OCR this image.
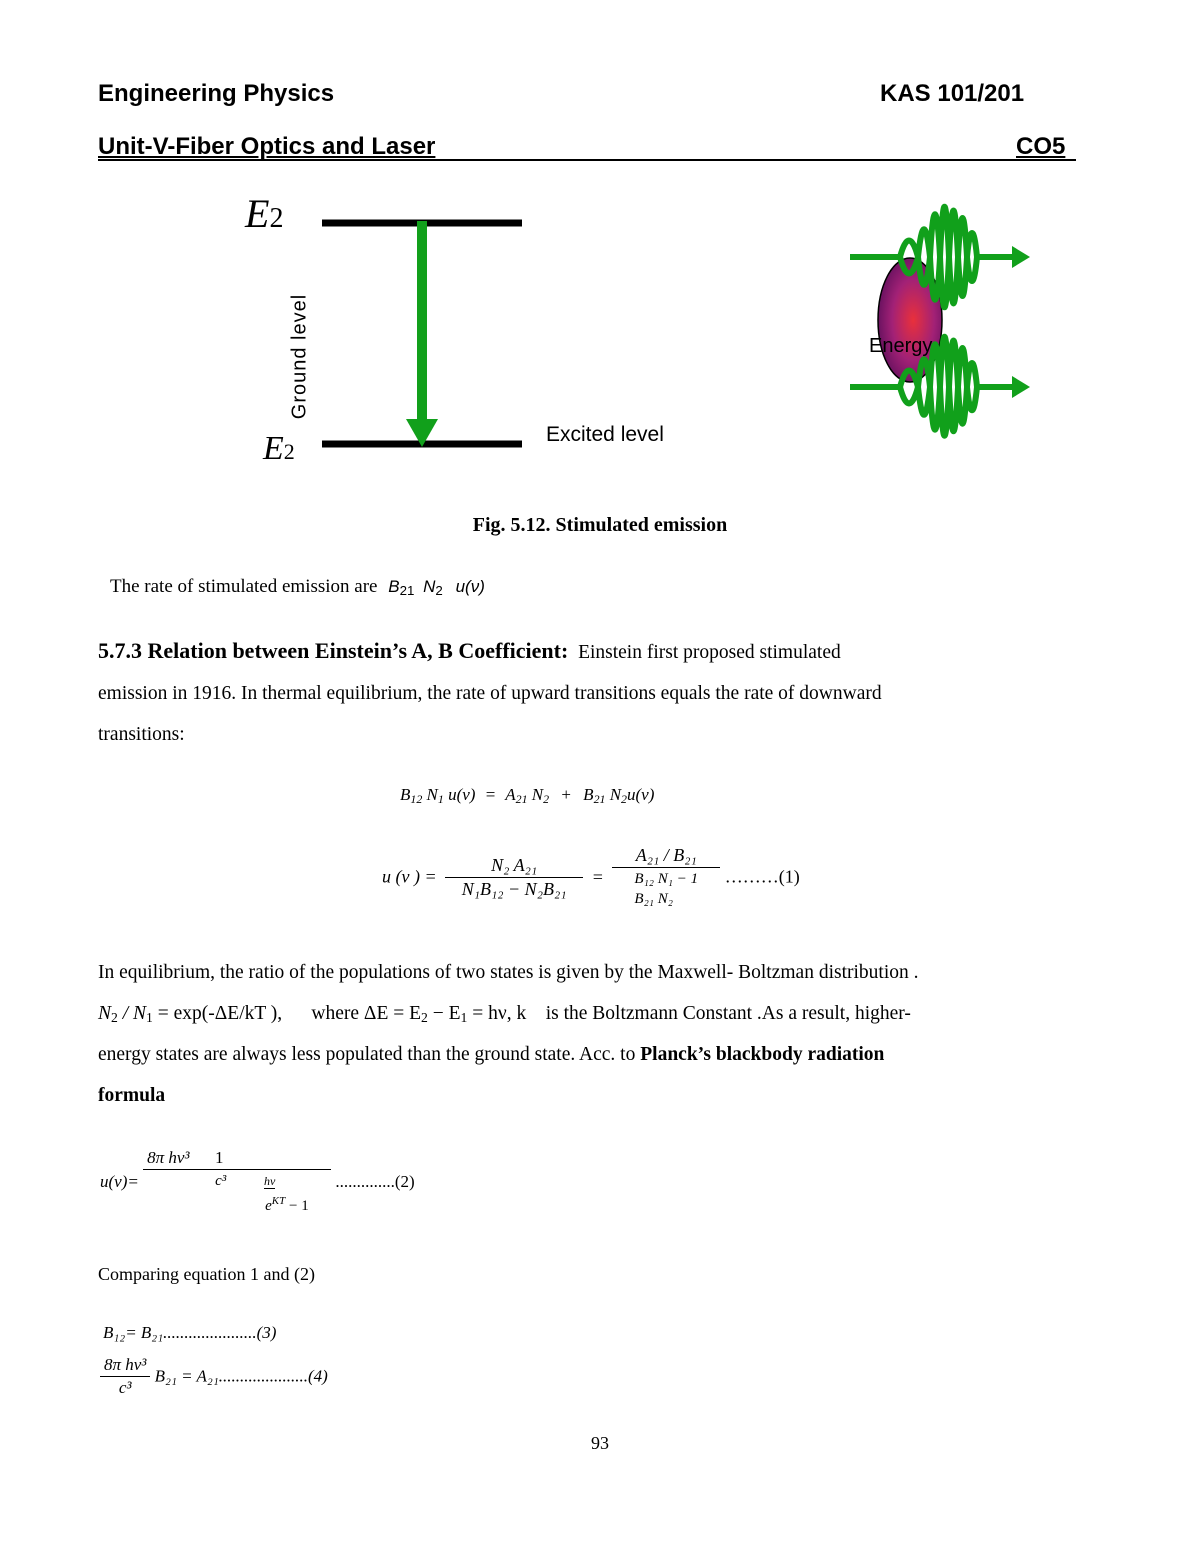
Engineering Physics	KAS 101/201
Unit-V-Fiber Optics and Laser	CO5
E2
E2
Ground level
Excited level
Energy
Fig. 5.12. Stimulated emission
The rate of stimulated emission are $B_{21}$ $N_2$ u(ν)
5.7.3 Relation between Einstein’s A, B Coefficient: Einstein first proposed stimulated
emission in 1916. In thermal equilibrium, the rate of upward transitions equals the rate of downward
transitions:
$B_{12}$ $N_1$ $u(\nu) = A_{21}$ $N_2 + B_{21}$ $N_2u(\nu)$
u (ν ) = $\frac{\text{N₂ A₂₁}}{\text{N₁B₁₂ − N₂B₂₁}}$ =
A₂₁ / B₂₁
B₁₂ N₁ − 1
B₂₁ N₂
………(1)
In equilibrium, the ratio of the populations of two states is given by the Maxwell- Boltzman distribution .
$N_2 / N_1 = \exp(-\Delta E/kT$ ), where $\Delta E = E_2 - E_1 = h\nu$, k is the Boltzmann Constant .As a result, higher-
energy states are always less populated than the ground state. Acc. to Planck’s blackbody radiation
formula
u(ν)=
8π hν³ 1
c³	hν
$e^{KT} - 1$
..............(2)
Comparing equation 1 and (2)
B₁₂= B₂₁......................(3)
$\frac{\text{8π hν³}}{\text{c³}} B_{21} = A_{21}.....................(4)$
93
